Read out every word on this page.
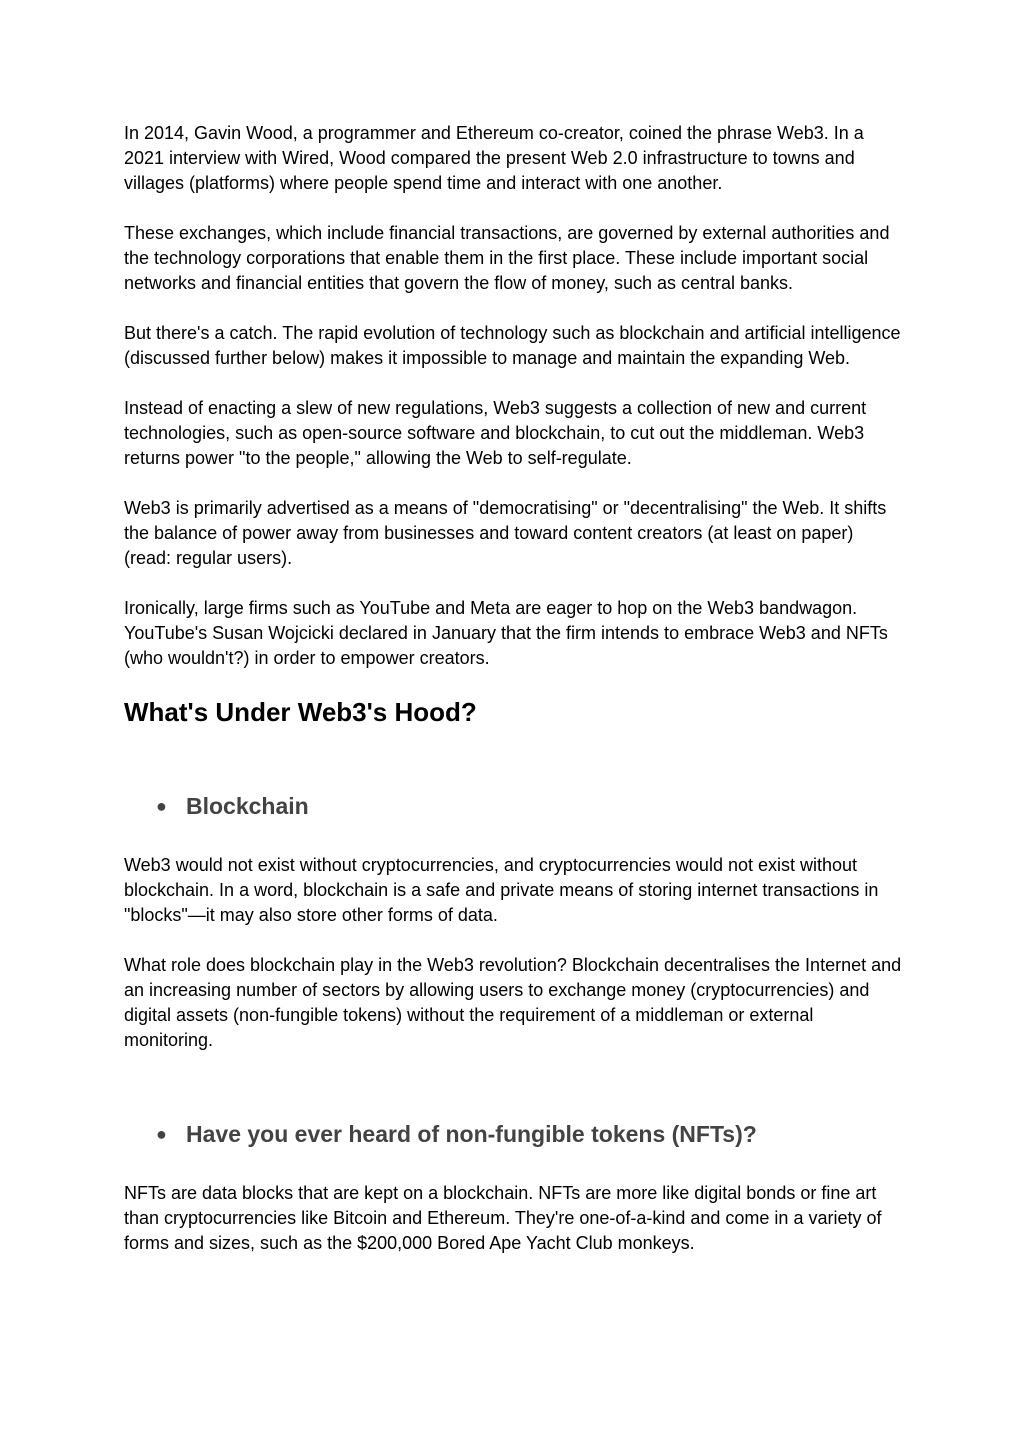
In 2014, Gavin Wood, a programmer and Ethereum co-creator, coined the phrase Web3. In a 2021 interview with Wired, Wood compared the present Web 2.0 infrastructure to towns and villages (platforms) where people spend time and interact with one another.

These exchanges, which include financial transactions, are governed by external authorities and the technology corporations that enable them in the first place. These include important social networks and financial entities that govern the flow of money, such as central banks.

But there's a catch. The rapid evolution of technology such as blockchain and artificial intelligence (discussed further below) makes it impossible to manage and maintain the expanding Web.

Instead of enacting a slew of new regulations, Web3 suggests a collection of new and current technologies, such as open-source software and blockchain, to cut out the middleman. Web3 returns power "to the people," allowing the Web to self-regulate.

Web3 is primarily advertised as a means of "democratising" or "decentralising" the Web. It shifts the balance of power away from businesses and toward content creators (at least on paper) (read: regular users).

Ironically, large firms such as YouTube and Meta are eager to hop on the Web3 bandwagon. YouTube's Susan Wojcicki declared in January that the firm intends to embrace Web3 and NFTs (who wouldn't?) in order to empower creators.

What's Under Web3's Hood?
● Blockchain

Web3 would not exist without cryptocurrencies, and cryptocurrencies would not exist without blockchain. In a word, blockchain is a safe and private means of storing internet transactions in "blocks"—it may also store other forms of data.

What role does blockchain play in the Web3 revolution? Blockchain decentralises the Internet and an increasing number of sectors by allowing users to exchange money (cryptocurrencies) and digital assets (non-fungible tokens) without the requirement of a middleman or external monitoring.

● Have you ever heard of non-fungible tokens (NFTs)?

NFTs are data blocks that are kept on a blockchain. NFTs are more like digital bonds or fine art than cryptocurrencies like Bitcoin and Ethereum. They're one-of-a-kind and come in a variety of forms and sizes, such as the $200,000 Bored Ape Yacht Club monkeys.
